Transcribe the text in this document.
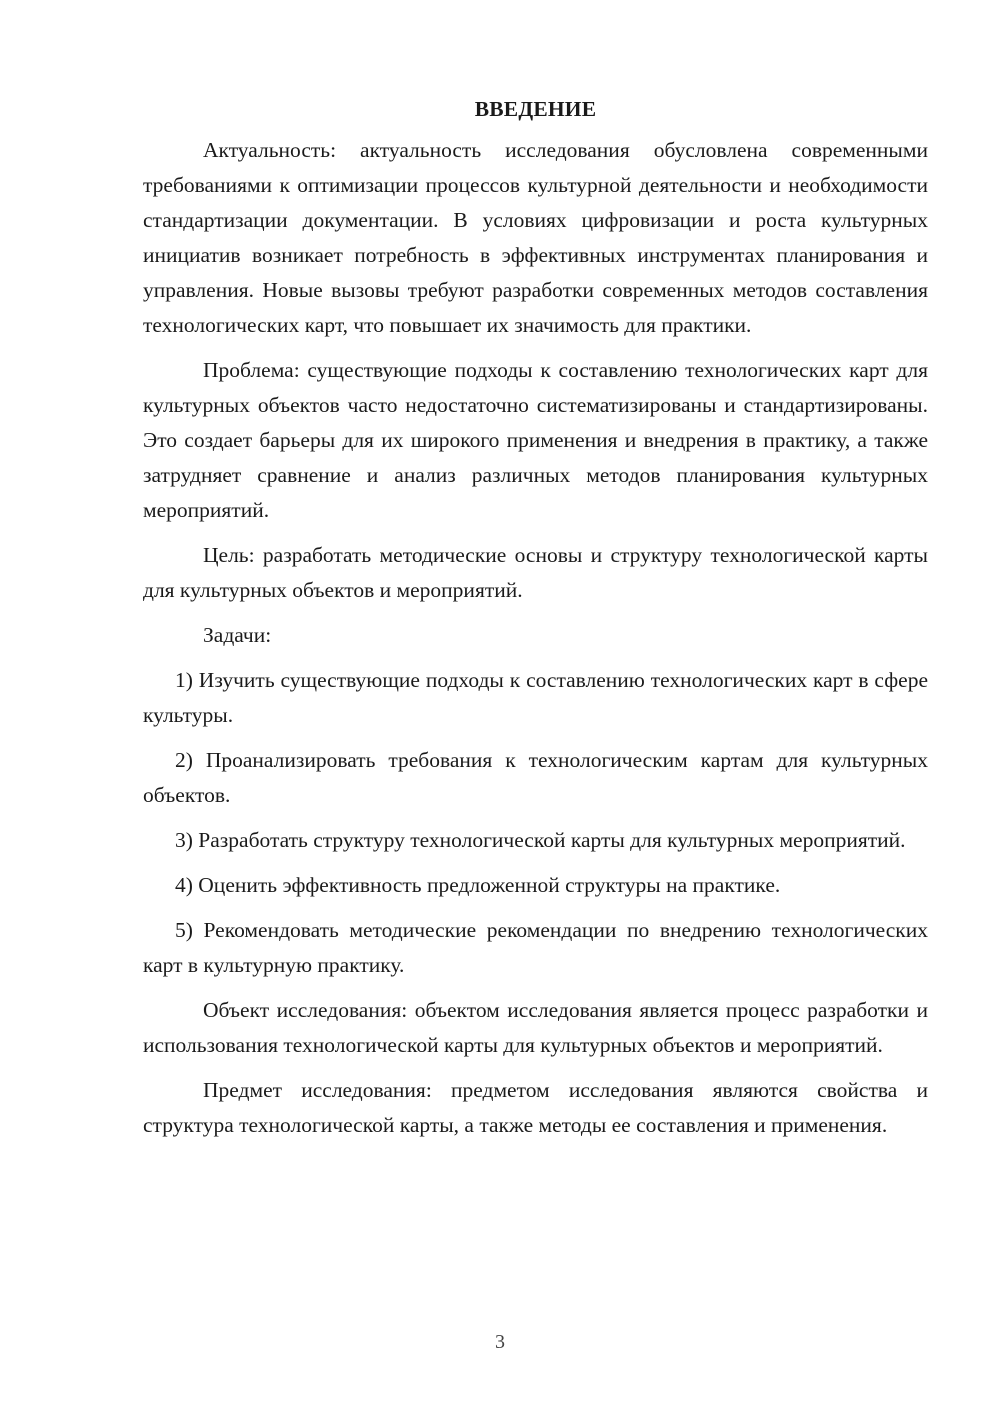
ВВЕДЕНИЕ

Актуальность: актуальность исследования обусловлена современными требованиями к оптимизации процессов культурной деятельности и необходимости стандартизации документации. В условиях цифровизации и роста культурных инициатив возникает потребность в эффективных инструментах планирования и управления. Новые вызовы требуют разработки современных методов составления технологических карт, что повышает их значимость для практики.

Проблема: существующие подходы к составлению технологических карт для культурных объектов часто недостаточно систематизированы и стандартизированы. Это создает барьеры для их широкого применения и внедрения в практику, а также затрудняет сравнение и анализ различных методов планирования культурных мероприятий.

Цель: разработать методические основы и структуру технологической карты для культурных объектов и мероприятий.

Задачи:

1) Изучить существующие подходы к составлению технологических карт в сфере культуры.

2) Проанализировать требования к технологическим картам для культурных объектов.

3) Разработать структуру технологической карты для культурных мероприятий.

4) Оценить эффективность предложенной структуры на практике.

5) Рекомендовать методические рекомендации по внедрению технологических карт в культурную практику.

Объект исследования: объектом исследования является процесс разработки и использования технологической карты для культурных объектов и мероприятий.

Предмет исследования: предметом исследования являются свойства и структура технологической карты, а также методы ее составления и применения.

3
